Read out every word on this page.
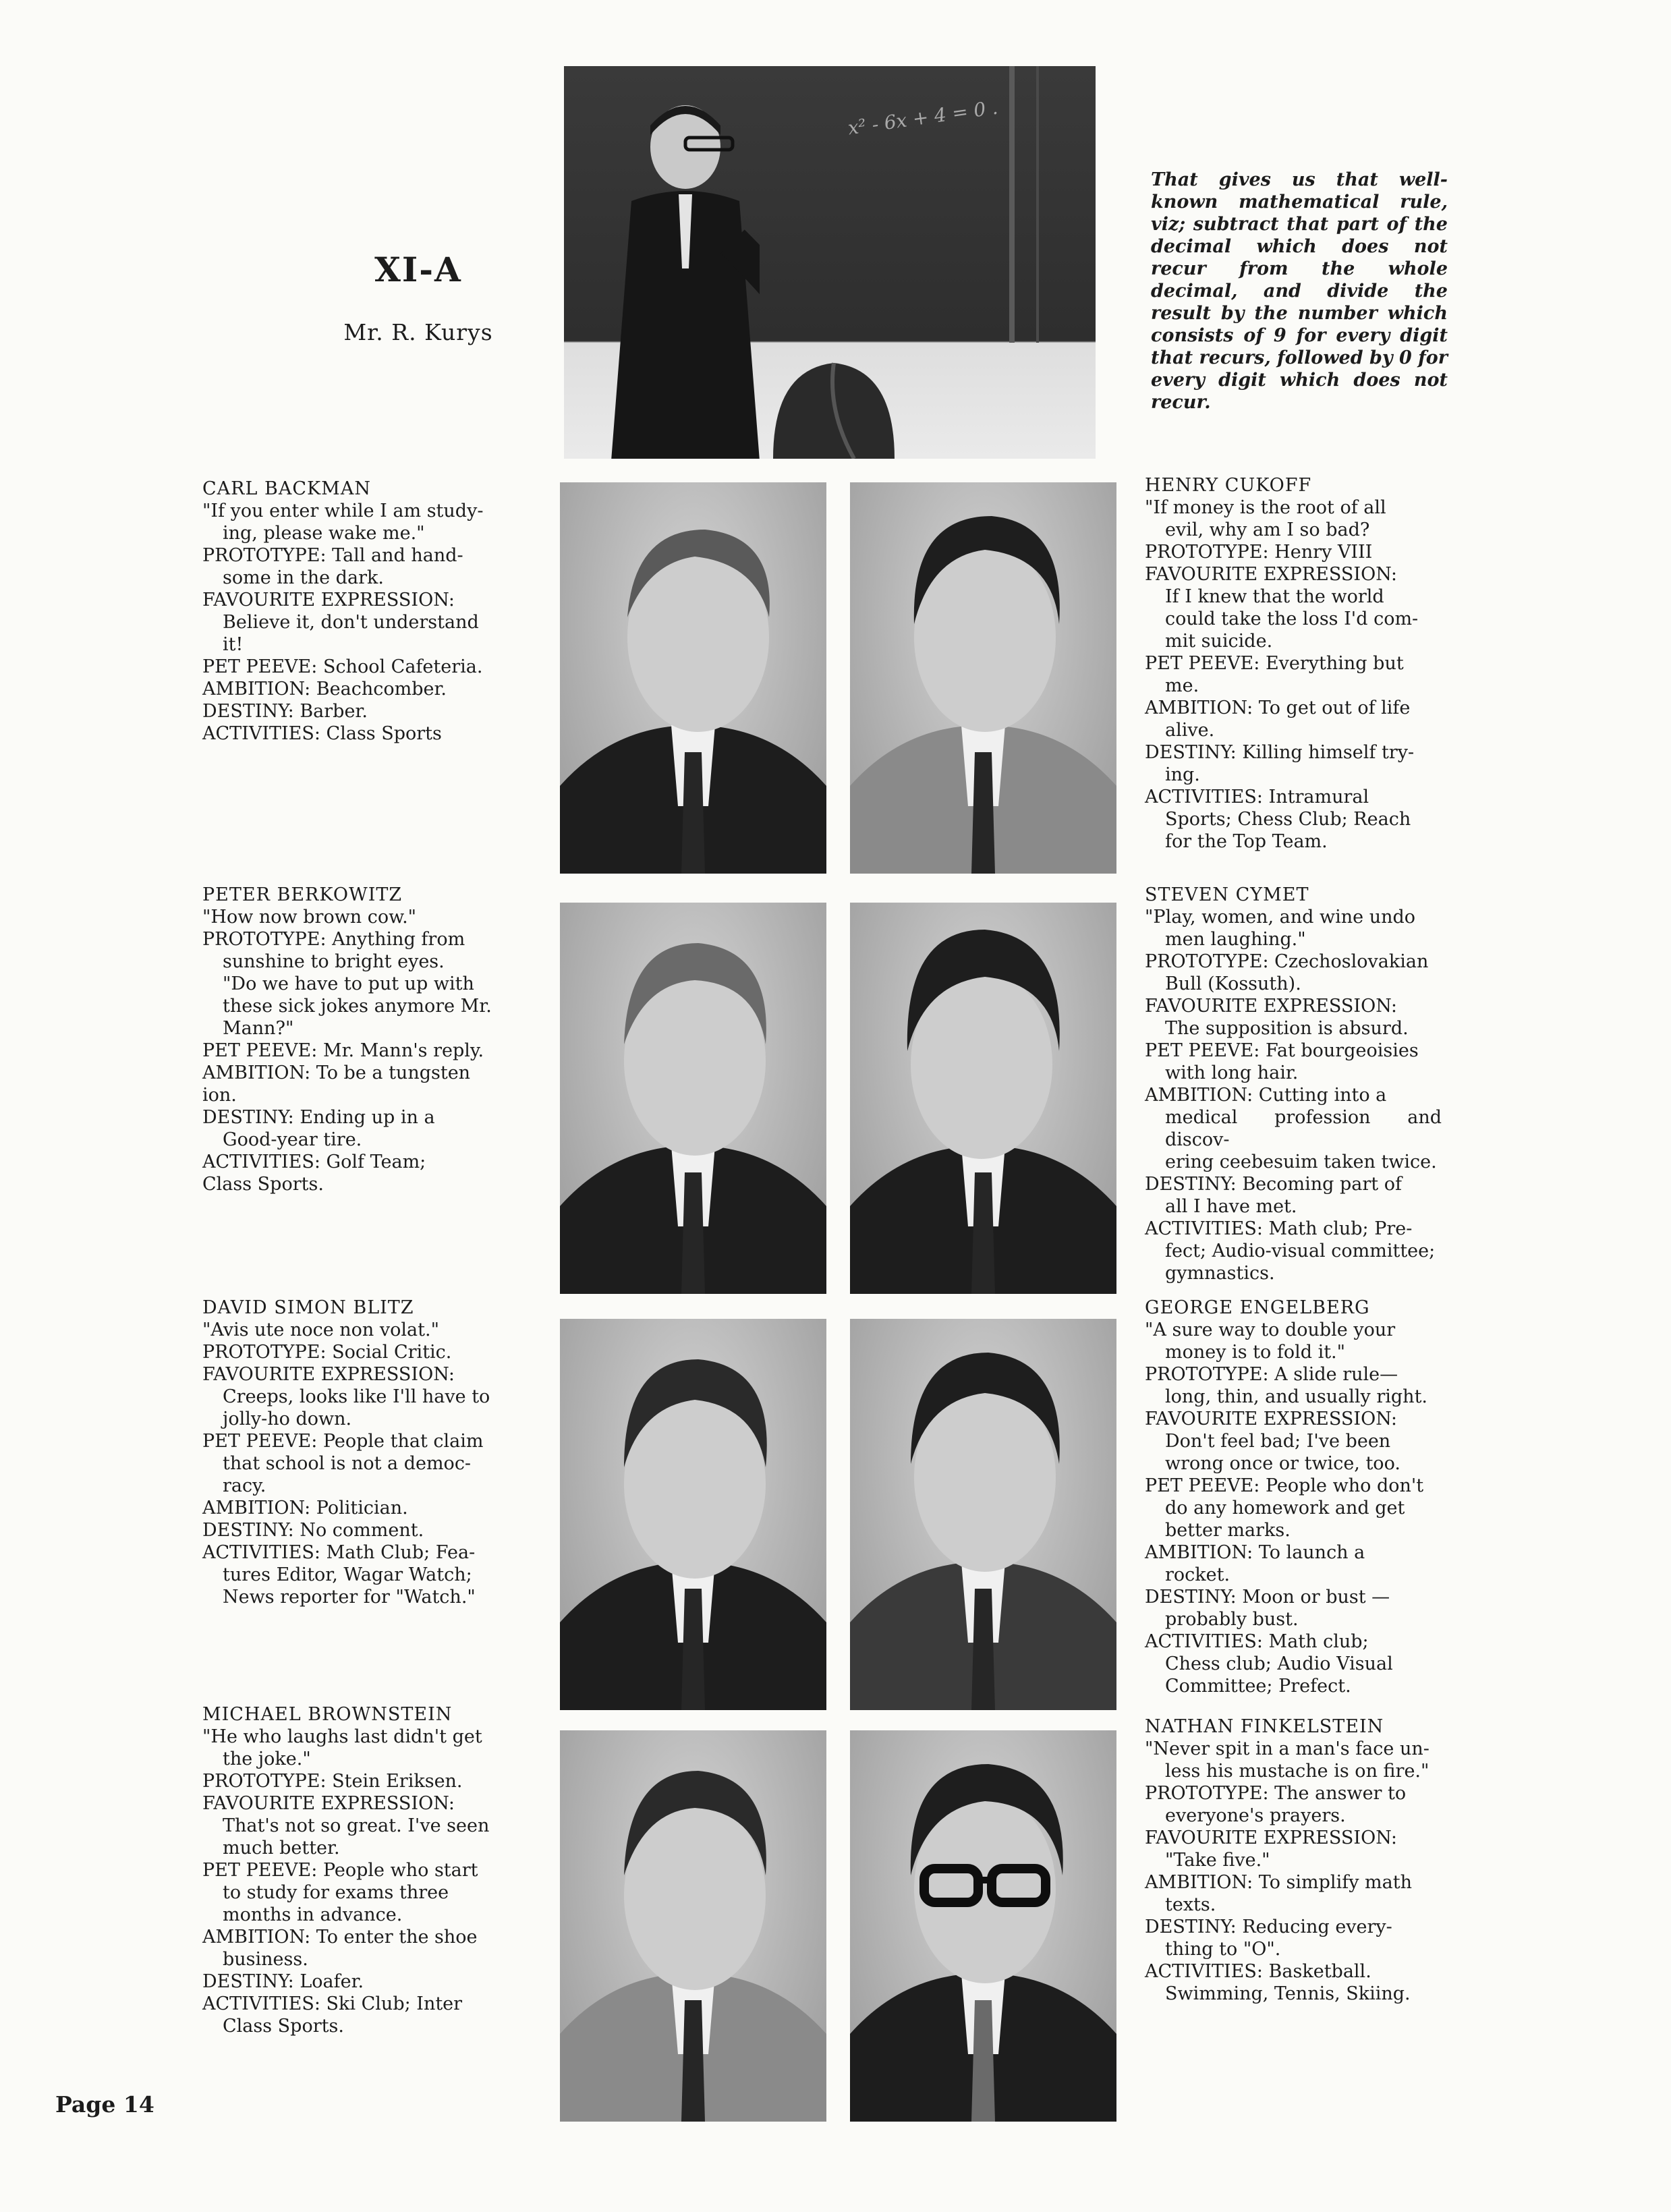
XI-A
Mr. R. Kurys
x² - 6x + 4 = 0 .
That gives us that well-known mathematical rule, viz; subtract that part of the decimal which does not recur from the whole decimal, and divide the result by the number which consists of 9 for every digit that recurs, followed by 0 for every digit which does not recur.

CARL BACKMAN

"If you enter while I am study-

ing, please wake me."

PROTOTYPE: Tall and hand-

some in the dark.

FAVOURITE EXPRESSION:

Believe it, don't understand

it!

PET PEEVE: School Cafeteria.

AMBITION: Beachcomber.

DESTINY: Barber.

ACTIVITIES: Class Sports

PETER BERKOWITZ

"How now brown cow."

PROTOTYPE: Anything from

sunshine to bright eyes.

"Do we have to put up with

these sick jokes anymore Mr.

Mann?"

PET PEEVE: Mr. Mann's reply.

AMBITION: To be a tungsten

ion.

DESTINY: Ending up in a

Good-year tire.

ACTIVITIES: Golf Team;

Class Sports.

DAVID SIMON BLITZ

"Avis ute noce non volat."

PROTOTYPE: Social Critic.

FAVOURITE EXPRESSION:

Creeps, looks like I'll have to

jolly-ho down.

PET PEEVE: People that claim

that school is not a democ-

racy.

AMBITION: Politician.

DESTINY: No comment.

ACTIVITIES: Math Club; Fea-

tures Editor, Wagar Watch;

News reporter for "Watch."

MICHAEL BROWNSTEIN

"He who laughs last didn't get

the joke."

PROTOTYPE: Stein Eriksen.

FAVOURITE EXPRESSION:

That's not so great. I've seen

much better.

PET PEEVE: People who start

to study for exams three

months in advance.

AMBITION: To enter the shoe

business.

DESTINY: Loafer.

ACTIVITIES: Ski Club; Inter

Class Sports.

HENRY CUKOFF

"If money is the root of all

evil, why am I so bad?

PROTOTYPE: Henry VIII

FAVOURITE EXPRESSION:

If I knew that the world

could take the loss I'd com-

mit suicide.

PET PEEVE: Everything but

me.

AMBITION: To get out of life

alive.

DESTINY: Killing himself try-

ing.

ACTIVITIES: Intramural

Sports; Chess Club; Reach

for the Top Team.

STEVEN CYMET

"Play, women, and wine undo

men laughing."

PROTOTYPE: Czechoslovakian

Bull (Kossuth).

FAVOURITE EXPRESSION:

The supposition is absurd.

PET PEEVE: Fat bourgeoisies

with long hair.

AMBITION: Cutting into a

medical profession and discov-

ering ceebesuim taken twice.

DESTINY: Becoming part of

all I have met.

ACTIVITIES: Math club; Pre-

fect; Audio-visual committee;

gymnastics.

GEORGE ENGELBERG

"A sure way to double your

money is to fold it."

PROTOTYPE: A slide rule—

long, thin, and usually right.

FAVOURITE EXPRESSION:

Don't feel bad; I've been

wrong once or twice, too.

PET PEEVE: People who don't

do any homework and get

better marks.

AMBITION: To launch a

rocket.

DESTINY: Moon or bust —

probably bust.

ACTIVITIES: Math club;

Chess club; Audio Visual

Committee; Prefect.

NATHAN FINKELSTEIN

"Never spit in a man's face un-

less his mustache is on fire."

PROTOTYPE: The answer to

everyone's prayers.

FAVOURITE EXPRESSION:

"Take five."

AMBITION: To simplify math

texts.

DESTINY: Reducing every-

thing to "O".

ACTIVITIES: Basketball.

Swimming, Tennis, Skiing.

Page 14
